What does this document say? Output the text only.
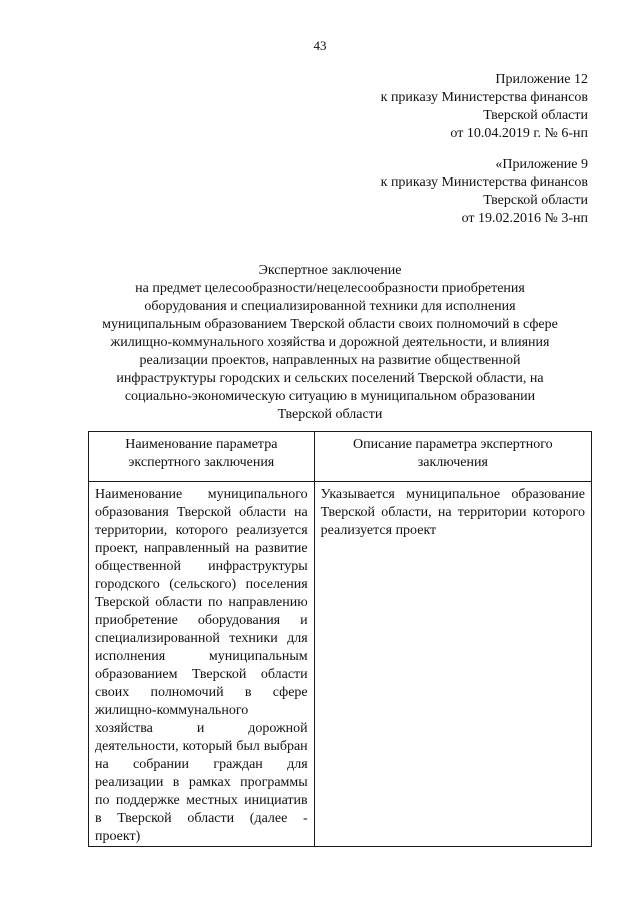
43
Приложение 12
к приказу Министерства финансов
Тверской области
от 10.04.2019 г. № 6-нп
«Приложение 9
к приказу Министерства финансов
Тверской области
от 19.02.2016 № 3-нп
Экспертное заключение
на предмет целесообразности/нецелесообразности приобретения
оборудования и специализированной техники для исполнения
муниципальным образованием Тверской области своих полномочий в сфере
жилищно-коммунального хозяйства и дорожной деятельности, и влияния
реализации проектов, направленных на развитие общественной
инфраструктуры городских и сельских поселений Тверской области, на
социально-экономическую ситуацию в муниципальном образовании
Тверской области
Наименование параметра экспертного заключения	Описание параметра экспертного заключения
Наименование муниципального образования Тверской области на территории, которого реализуется проект, направленный на развитие общественной инфраструктуры городского (сельского) поселения Тверской области по направлению приобретение оборудования и специализированной техники для исполнения муниципальным образованием Тверской области своих полномочий в сфере жилищно-коммунального хозяйства и дорожной деятельности, который был выбран на собрании граждан для реализации в рамках программы по поддержке местных инициатив в Тверской области (далее - проект)	Указывается муниципальное образование Тверской области, на территории которого реализуется проект
